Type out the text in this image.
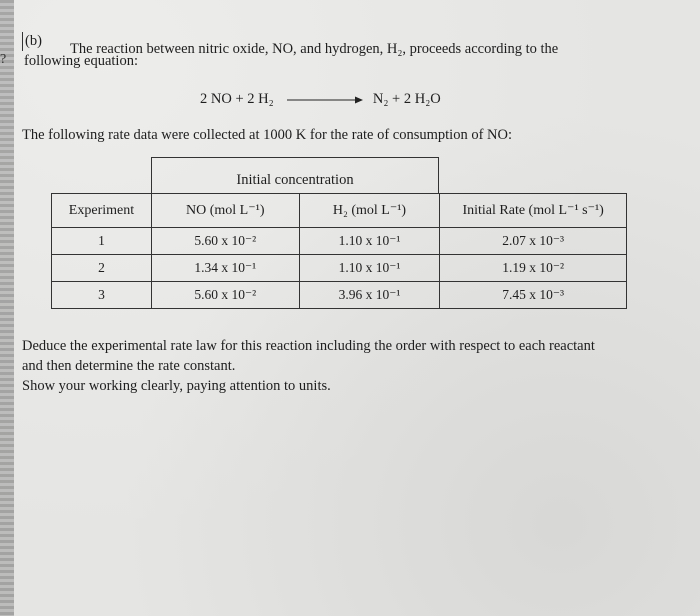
?
(b) The reaction between nitric oxide, NO, and hydrogen, H₂, proceeds according to the
following equation:
2 NO + 2 H₂	N₂ + 2 H₂O
The following rate data were collected at 1000 K for the rate of consumption of NO:
Initial concentration
Experiment	NO (mol L⁻¹)	H₂ (mol L⁻¹)	Initial Rate (mol L⁻¹ s⁻¹)
1	5.60 x 10⁻²	1.10 x 10⁻¹	2.07 x 10⁻³
2	1.34 x 10⁻¹	1.10 x 10⁻¹	1.19 x 10⁻²
3	5.60 x 10⁻²	3.96 x 10⁻¹	7.45 x 10⁻³
Deduce the experimental rate law for this reaction including the order with respect to each reactant
and then determine the rate constant.
Show your working clearly, paying attention to units.
